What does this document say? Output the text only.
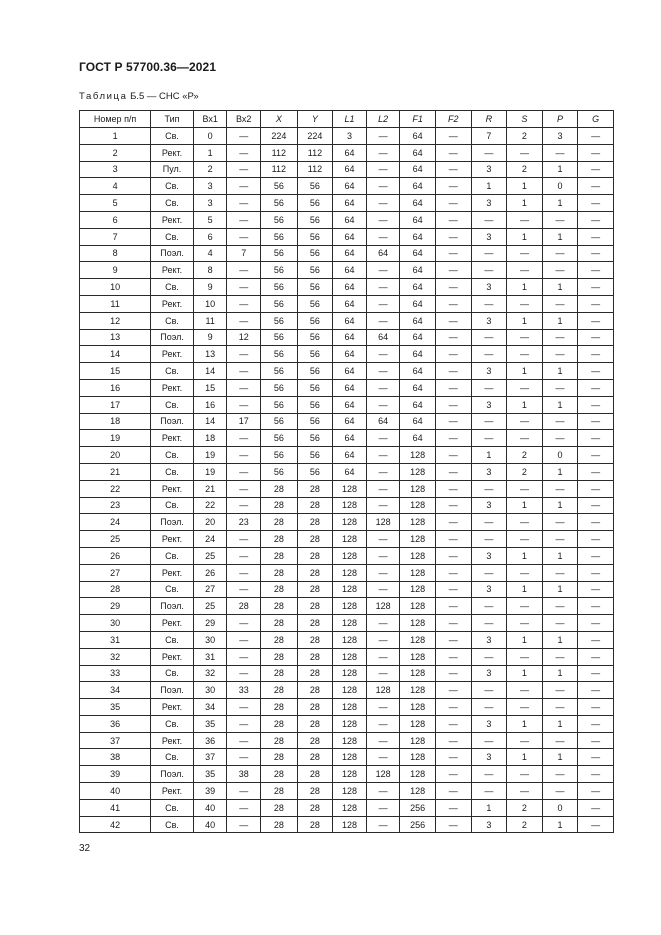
ГОСТ Р 57700.36—2021
Таблица Б.5 — СНС «Р»
Номер п/п	Тип	Вх1	Вх2	X	Y	L1	L2	F1	F2	R	S	P	G
1	Св.	0	—	224	224	3	—	64	—	7	2	3	—
2	Рект.	1	—	112	112	64	—	64	—	—	—	—	—
3	Пул.	2	—	112	112	64	—	64	—	3	2	1	—
4	Св.	3	—	56	56	64	—	64	—	1	1	0	—
5	Св.	3	—	56	56	64	—	64	—	3	1	1	—
6	Рект.	5	—	56	56	64	—	64	—	—	—	—	—
7	Св.	6	—	56	56	64	—	64	—	3	1	1	—
8	Поэл.	4	7	56	56	64	64	64	—	—	—	—	—
9	Рект.	8	—	56	56	64	—	64	—	—	—	—	—
10	Св.	9	—	56	56	64	—	64	—	3	1	1	—
11	Рект.	10	—	56	56	64	—	64	—	—	—	—	—
12	Св.	11	—	56	56	64	—	64	—	3	1	1	—
13	Поэл.	9	12	56	56	64	64	64	—	—	—	—	—
14	Рект.	13	—	56	56	64	—	64	—	—	—	—	—
15	Св.	14	—	56	56	64	—	64	—	3	1	1	—
16	Рект.	15	—	56	56	64	—	64	—	—	—	—	—
17	Св.	16	—	56	56	64	—	64	—	3	1	1	—
18	Поэл.	14	17	56	56	64	64	64	—	—	—	—	—
19	Рект.	18	—	56	56	64	—	64	—	—	—	—	—
20	Св.	19	—	56	56	64	—	128	—	1	2	0	—
21	Св.	19	—	56	56	64	—	128	—	3	2	1	—
22	Рект.	21	—	28	28	128	—	128	—	—	—	—	—
23	Св.	22	—	28	28	128	—	128	—	3	1	1	—
24	Поэл.	20	23	28	28	128	128	128	—	—	—	—	—
25	Рект.	24	—	28	28	128	—	128	—	—	—	—	—
26	Св.	25	—	28	28	128	—	128	—	3	1	1	—
27	Рект.	26	—	28	28	128	—	128	—	—	—	—	—
28	Св.	27	—	28	28	128	—	128	—	3	1	1	—
29	Поэл.	25	28	28	28	128	128	128	—	—	—	—	—
30	Рект.	29	—	28	28	128	—	128	—	—	—	—	—
31	Св.	30	—	28	28	128	—	128	—	3	1	1	—
32	Рект.	31	—	28	28	128	—	128	—	—	—	—	—
33	Св.	32	—	28	28	128	—	128	—	3	1	1	—
34	Поэл.	30	33	28	28	128	128	128	—	—	—	—	—
35	Рект.	34	—	28	28	128	—	128	—	—	—	—	—
36	Св.	35	—	28	28	128	—	128	—	3	1	1	—
37	Рект.	36	—	28	28	128	—	128	—	—	—	—	—
38	Св.	37	—	28	28	128	—	128	—	3	1	1	—
39	Поэл.	35	38	28	28	128	128	128	—	—	—	—	—
40	Рект.	39	—	28	28	128	—	128	—	—	—	—	—
41	Св.	40	—	28	28	128	—	256	—	1	2	0	—
42	Св.	40	—	28	28	128	—	256	—	3	2	1	—
32
